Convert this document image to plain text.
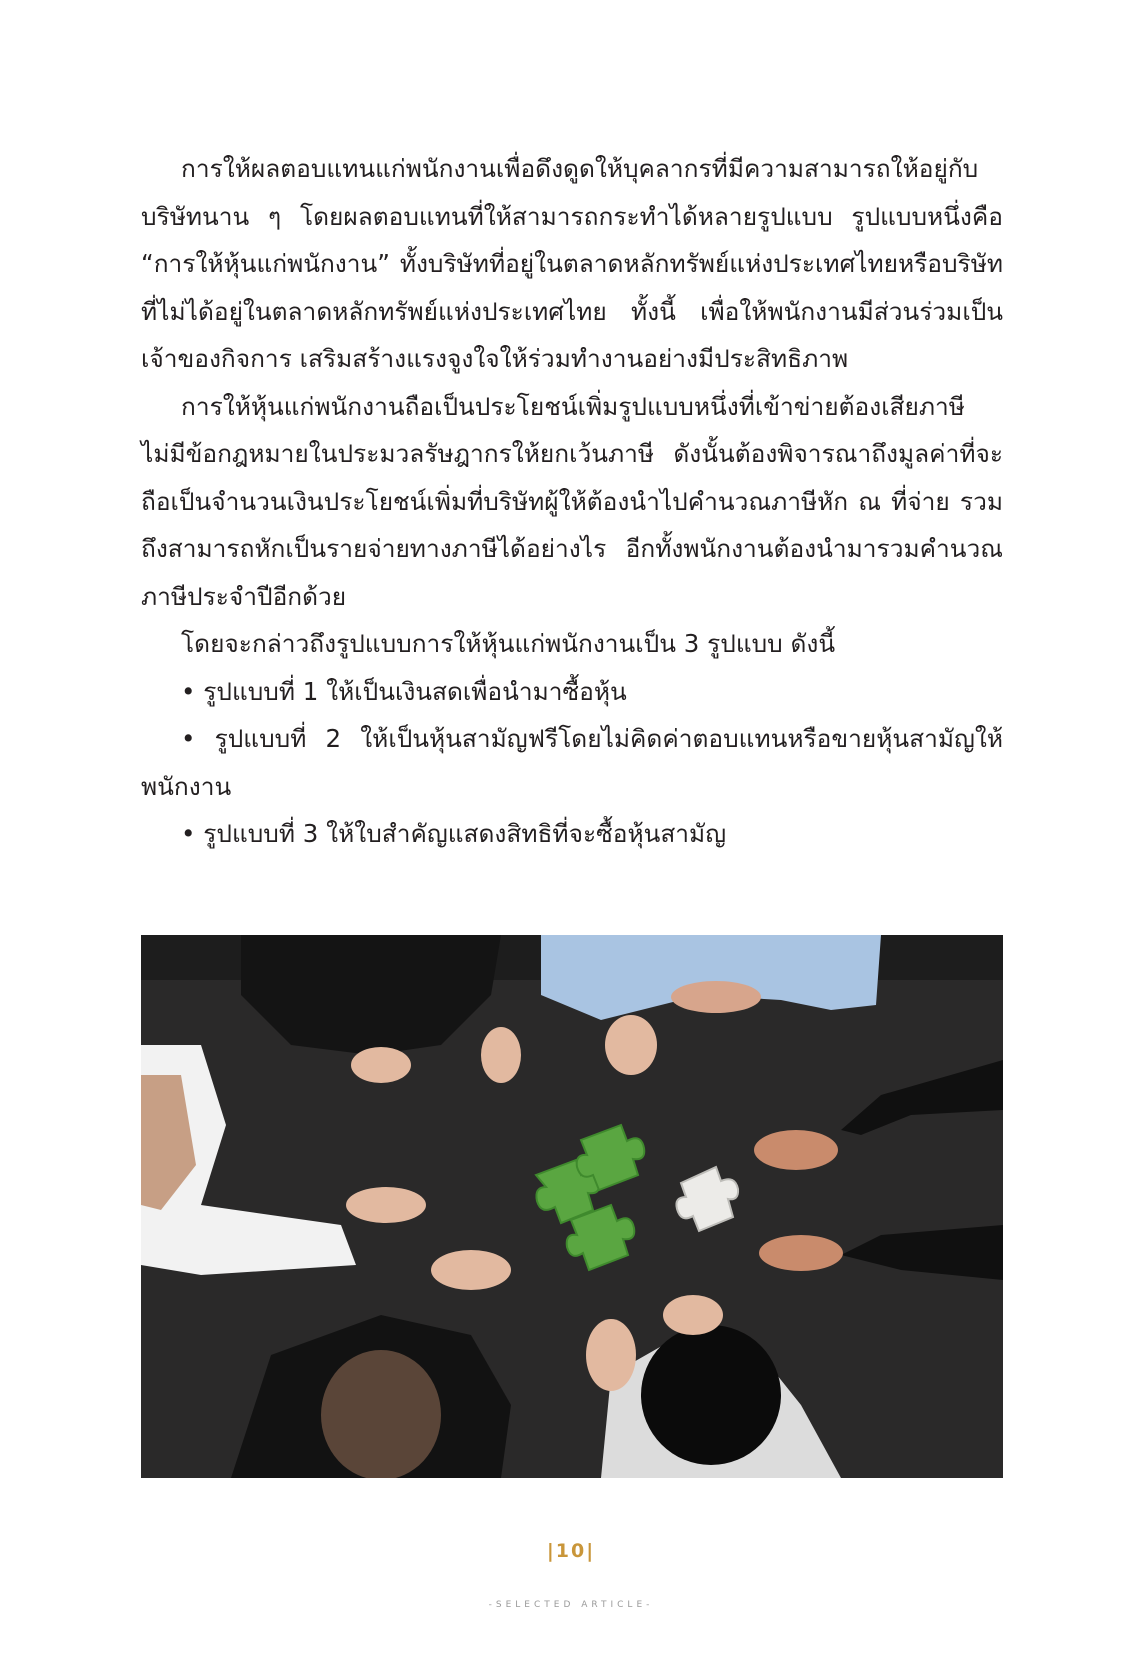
การให้ผลตอบแทนแก่พนักงานเพื่อดึงดูดให้บุคลากรที่มีความสามารถให้อยู่กับบริษัทนาน ๆ โดยผลตอบแทนที่ให้สามารถกระทำได้หลายรูปแบบ รูปแบบหนึ่งคือ “การให้หุ้นแก่พนักงาน” ทั้งบริษัทที่อยู่ในตลาดหลักทรัพย์แห่งประเทศไทยหรือบริษัทที่ไม่ได้อยู่ในตลาดหลักทรัพย์แห่งประเทศไทย ทั้งนี้ เพื่อให้พนักงานมีส่วนร่วมเป็นเจ้าของกิจการ เสริมสร้างแรงจูงใจให้ร่วมทำงานอย่างมีประสิทธิภาพ

การให้หุ้นแก่พนักงานถือเป็นประโยชน์เพิ่มรูปแบบหนึ่งที่เข้าข่ายต้องเสียภาษี ไม่มีข้อกฎหมายในประมวลรัษฎากรให้ยกเว้นภาษี ดังนั้นต้องพิจารณาถึงมูลค่าที่จะถือเป็นจำนวนเงินประโยชน์เพิ่มที่บริษัทผู้ให้ต้องนำไปคำนวณภาษีหัก ณ ที่จ่าย รวมถึงสามารถหักเป็นรายจ่ายทางภาษีได้อย่างไร อีกทั้งพนักงานต้องนำมารวมคำนวณภาษีประจำปีอีกด้วย

โดยจะกล่าวถึงรูปแบบการให้หุ้นแก่พนักงานเป็น 3 รูปแบบ ดังนี้

• รูปแบบที่ 1 ให้เป็นเงินสดเพื่อนำมาซื้อหุ้น

• รูปแบบที่ 2 ให้เป็นหุ้นสามัญฟรีโดยไม่คิดค่าตอบแทนหรือขายหุ้นสามัญให้พนักงาน

• รูปแบบที่ 3 ให้ใบสำคัญแสดงสิทธิที่จะซื้อหุ้นสามัญ

|10|
-SELECTED ARTICLE-
